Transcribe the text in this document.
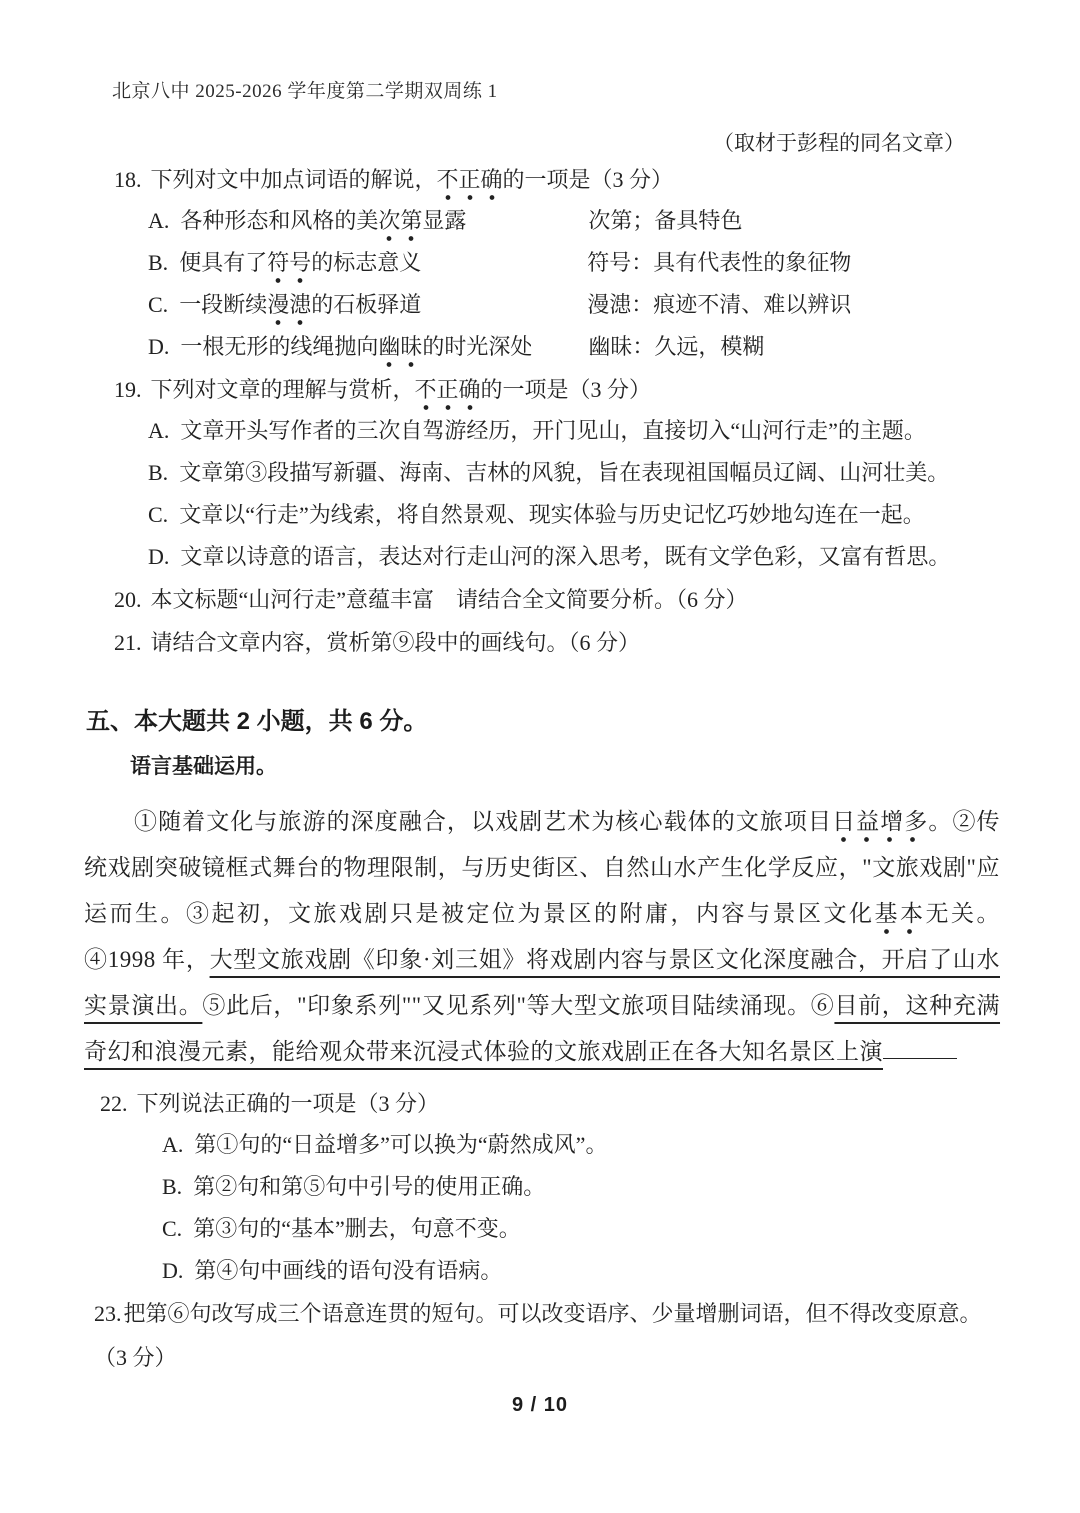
北京八中 2025-2026 学年度第二学期双周练 1
（取材于彭程的同名文章）
18. 下列对文中加点词语的解说，不正确的一项是（3 分）
A. 各种形态和风格的美次第显露	次第；备具特色
B. 便具有了符号的标志意义	符号：具有代表性的象征物
C. 一段断续漫漶的石板驿道	漫漶：痕迹不清、难以辨识
D. 一根无形的线绳抛向幽昧的时光深处	幽昧：久远，模糊
19. 下列对文章的理解与赏析，不正确的一项是（3 分）
A. 文章开头写作者的三次自驾游经历，开门见山，直接切入“山河行走”的主题。
B. 文章第③段描写新疆、海南、吉林的风貌，旨在表现祖国幅员辽阔、山河壮美。
C. 文章以“行走”为线索，将自然景观、现实体验与历史记忆巧妙地勾连在一起。
D. 文章以诗意的语言，表达对行走山河的深入思考，既有文学色彩，又富有哲思。
20. 本文标题“山河行走”意蕴丰富　请结合全文简要分析。（6 分）
21. 请结合文章内容，赏析第⑨段中的画线句。（6 分）
五、本大题共 2 小题，共 6 分。
语言基础运用。
①随着文化与旅游的深度融合，以戏剧艺术为核心载体的文旅项目日益增多。②传统戏剧突破镜框式舞台的物理限制，与历史街区、自然山水产生化学反应，"文旅戏剧"应运而生。③起初，文旅戏剧只是被定位为景区的附庸，内容与景区文化基本无关。④1998 年，大型文旅戏剧《印象·刘三姐》将戏剧内容与景区文化深度融合，开启了山水实景演出。⑤此后，"印象系列""又见系列"等大型文旅项目陆续涌现。⑥目前，这种充满奇幻和浪漫元素，能给观众带来沉浸式体验的文旅戏剧正在各大知名景区上演
22. 下列说法正确的一项是（3 分）
A. 第①句的“日益增多”可以换为“蔚然成风”。
B. 第②句和第⑤句中引号的使用正确。
C. 第③句的“基本”删去，句意不变。
D. 第④句中画线的语句没有语病。
23.把第⑥句改写成三个语意连贯的短句。可以改变语序、少量增删词语，但不得改变原意。
（3 分）
9 / 10
